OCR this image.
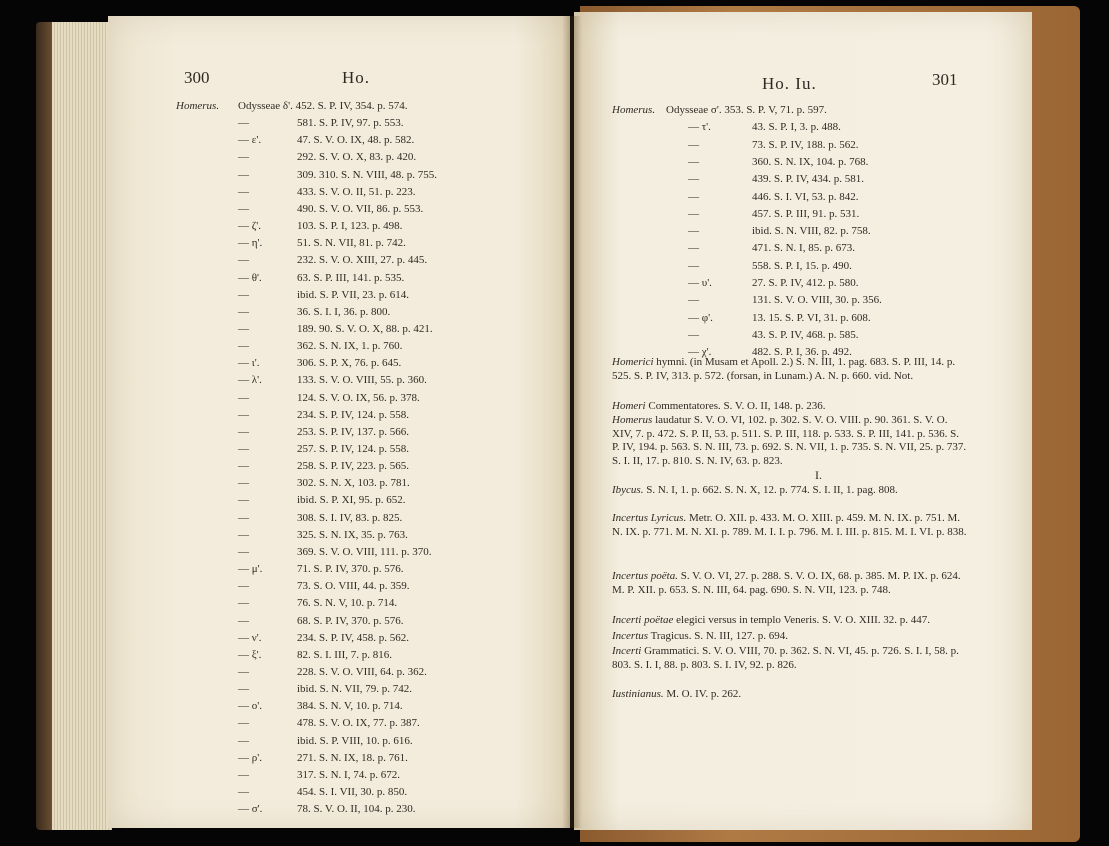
300	Ho.	Ho. Iu.	301
Homerus. Odysseae δ'. 452. S. P. IV, 354. p. 574.
—	581. S. P. IV, 97. p. 553.
— ε'.	47. S. V. O. IX, 48. p. 582.
—	292. S. V. O. X, 83. p. 420.
—	309. 310. S. N. VIII, 48. p. 755.
—	433. S. V. O. II, 51. p. 223.
—	490. S. V. O. VII, 86. p. 553.
— ζ'.	103. S. P. I, 123. p. 498.
— η'.	51. S. N. VII, 81. p. 742.
—	232. S. V. O. XIII, 27. p. 445.
— θ'.	63. S. P. III, 141. p. 535.
—	ibid. S. P. VII, 23. p. 614.
—	36. S. I. I, 36. p. 800.
—	189. 90. S. V. O. X, 88. p. 421.
—	362. S. N. IX, 1. p. 760.
— ι'.	306. S. P. X, 76. p. 645.
— λ'.	133. S. V. O. VIII, 55. p. 360.
—	124. S. V. O. IX, 56. p. 378.
—	234. S. P. IV, 124. p. 558.
—	253. S. P. IV, 137. p. 566.
—	257. S. P. IV, 124. p. 558.
—	258. S. P. IV, 223. p. 565.
—	302. S. N. X, 103. p. 781.
—	ibid. S. P. XI, 95. p. 652.
—	308. S. I. IV, 83. p. 825.
—	325. S. N. IX, 35. p. 763.
—	369. S. V. O. VIII, 111. p. 370.
— μ'.	71. S. P. IV, 370. p. 576.
—	73. S. O. VIII, 44. p. 359.
—	76. S. N. V, 10. p. 714.
—	68. S. P. IV, 370. p. 576.
— ν'.	234. S. P. IV, 458. p. 562.
— ξ'.	82. S. I. III, 7. p. 816.
—	228. S. V. O. VIII, 64. p. 362.
—	ibid. S. N. VII, 79. p. 742.
— ο'.	384. S. N. V, 10. p. 714.
—	478. S. V. O. IX, 77. p. 387.
—	ibid. S. P. VIII, 10. p. 616.
— ρ'.	271. S. N. IX, 18. p. 761.
—	317. S. N. I, 74. p. 672.
—	454. S. I. VII, 30. p. 850.
— σ'.	78. S. V. O. II, 104. p. 230.
Homerus. Odysseae σ'. 353. S. P. V, 71. p. 597.
— τ'.	43. S. P. I, 3. p. 488.
—	73. S. P. IV, 188. p. 562.
—	360. S. N. IX, 104. p. 768.
—	439. S. P. IV, 434. p. 581.
—	446. S. I. VI, 53. p. 842.
—	457. S. P. III, 91. p. 531.
—	ibid. S. N. VIII, 82. p. 758.
—	471. S. N. I, 85. p. 673.
—	558. S. P. I, 15. p. 490.
— υ'.	27. S. P. IV, 412. p. 580.
—	131. S. V. O. VIII, 30. p. 356.
— φ'.	13. 15. S. P. VI, 31. p. 608.
—	43. S. P. IV, 468. p. 585.
— χ'.	482. S. P. I, 36. p. 492.
Homerici hymni. (in Musam et Apoll. 2.) S. N. III, 1. pag. 683. S. P. III, 14. p. 525. S. P. IV, 313. p. 572. (forsan, in Lunam.) A. N. p. 660. vid. Not.
Homeri Commentatores. S. V. O. II, 148. p. 236.
Homerus laudatur S. V. O. VI, 102. p. 302. S. V. O. VIII. p. 90. 361. S. V. O. XIV, 7. p. 472. S. P. II, 53. p. 511. S. P. III, 118. p. 533. S. P. III, 141. p. 536. S. P. IV, 194. p. 563. S. N. III, 73. p. 692. S. N. VII, 1. p. 735. S. N. VII, 25. p. 737. S. I. II, 17. p. 810. S. N. IV, 63. p. 823.
I.
Ibycus. S. N. I, 1. p. 662. S. N. X, 12. p. 774. S. I. II, 1. pag. 808.
Incertus Lyricus. Metr. O. XII. p. 433. M. O. XIII. p. 459. M. N. IX. p. 751. M. N. IX. p. 771. M. N. XI. p. 789. M. I. I. p. 796. M. I. III. p. 815. M. I. VI. p. 838.
Incertus poëta. S. V. O. VI, 27. p. 288. S. V. O. IX, 68. p. 385. M. P. IX. p. 624. M. P. XII. p. 653. S. N. III, 64. pag. 690. S. N. VII, 123. p. 748.
Incerti poëtae elegici versus in templo Veneris. S. V. O. XIII. 32. p. 447.
Incertus Tragicus. S. N. III, 127. p. 694.
Incerti Grammatici. S. V. O. VIII, 70. p. 362. S. N. VI, 45. p. 726. S. I. I, 58. p. 803. S. I. I, 88. p. 803. S. I. IV, 92. p. 826.
Iustinianus. M. O. IV. p. 262.
